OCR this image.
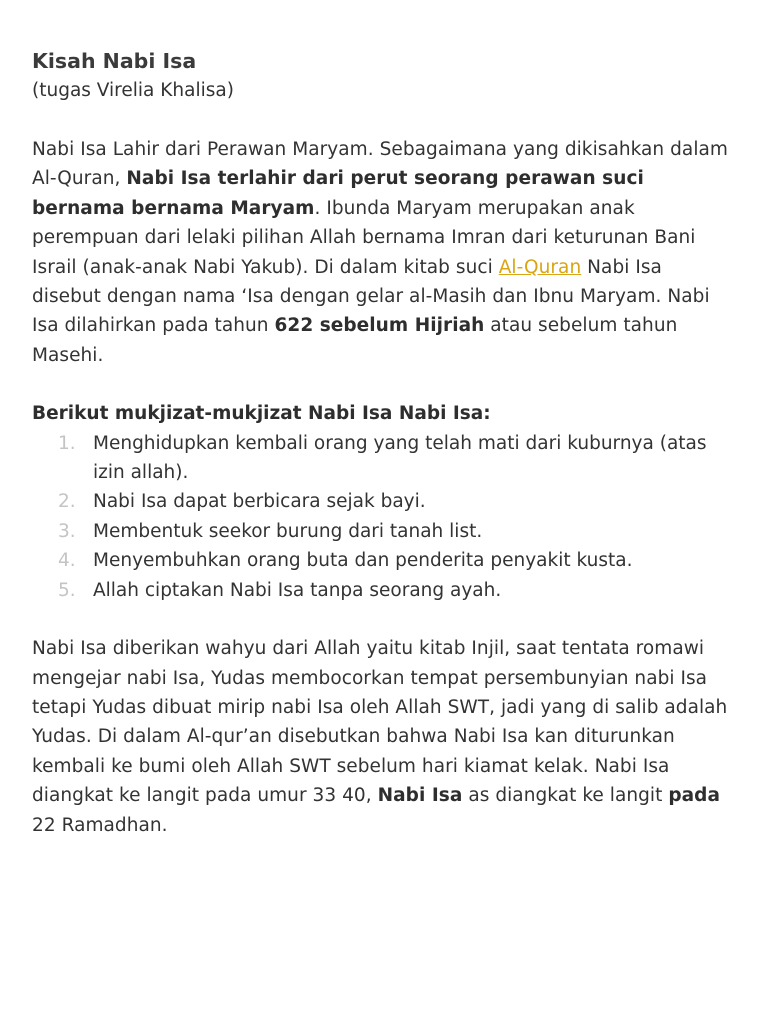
Kisah Nabi Isa

(tugas Virelia Khalisa)

Nabi Isa Lahir dari Perawan Maryam. Sebagaimana yang dikisahkan dalam Al-Quran, Nabi Isa terlahir dari perut seorang perawan suci bernama bernama Maryam. Ibunda Maryam merupakan anak perempuan dari lelaki pilihan Allah bernama Imran dari keturunan Bani Israil (anak-anak Nabi Yakub). Di dalam kitab suci Al-Quran Nabi Isa disebut dengan nama ‘Isa dengan gelar al-Masih dan Ibnu Maryam. Nabi Isa dilahirkan pada tahun 622 sebelum Hijriah atau sebelum tahun Masehi.

Berikut mukjizat-mukjizat Nabi Isa Nabi Isa:

1. Menghidupkan kembali orang yang telah mati dari kuburnya (atas izin allah).
2. Nabi Isa dapat berbicara sejak bayi.
3. Membentuk seekor burung dari tanah list.
4. Menyembuhkan orang buta dan penderita penyakit kusta.
5. Allah ciptakan Nabi Isa tanpa seorang ayah.

Nabi Isa diberikan wahyu dari Allah yaitu kitab Injil, saat tentata romawi mengejar nabi Isa, Yudas membocorkan tempat persembunyian nabi Isa tetapi Yudas dibuat mirip nabi Isa oleh Allah SWT, jadi yang di salib adalah Yudas. Di dalam Al-qur’an disebutkan bahwa Nabi Isa kan diturunkan kembali ke bumi oleh Allah SWT sebelum hari kiamat kelak. Nabi Isa diangkat ke langit pada umur 33 40, Nabi Isa as diangkat ke langit pada 22 Ramadhan.
